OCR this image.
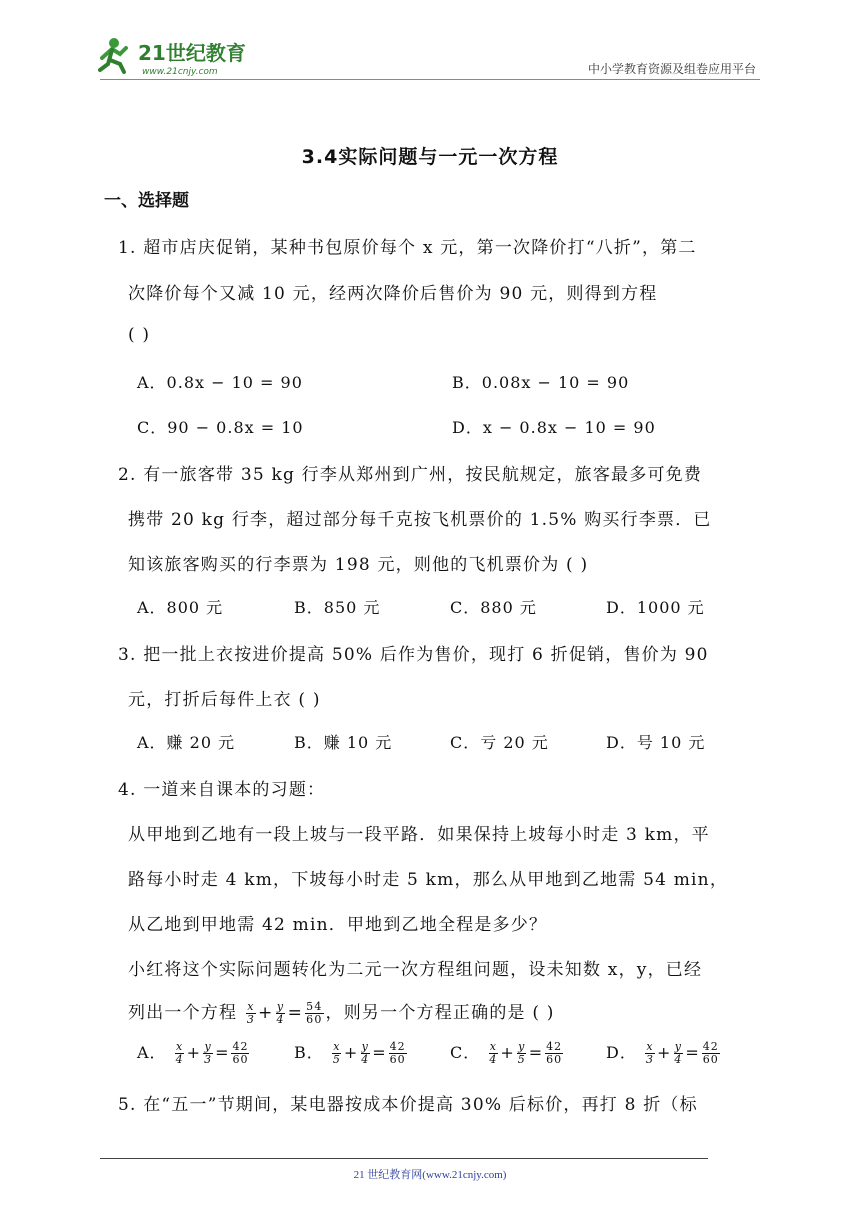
21世纪教育
www.21cnjy.com	中小学教育资源及组卷应用平台
3.4实际问题与一元一次方程
一、选择题
1. 超市店庆促销，某种书包原价每个 x 元，第一次降价打“八折”，第二
次降价每个又减 10 元，经两次降价后售价为 90 元，则得到方程
( )
A．0.8x − 10 = 90	B．0.08x − 10 = 90
C．90 − 0.8x = 10	D．x − 0.8x − 10 = 90
2. 有一旅客带 35 kg 行李从郑州到广州，按民航规定，旅客最多可免费
携带 20 kg 行李，超过部分每千克按飞机票价的 1.5% 购买行李票．已
知该旅客购买的行李票为 198 元，则他的飞机票价为 ( )
A．800 元	B．850 元	C．880 元	D．1000 元
3. 把一批上衣按进价提高 50% 后作为售价，现打 6 折促销，售价为 90
元，打折后每件上衣 ( )
A．赚 20 元	B．赚 10 元	C．亏 20 元	D．号 10 元
4. 一道来自课本的习题：
从甲地到乙地有一段上坡与一段平路．如果保持上坡每小时走 3 km，平
路每小时走 4 km，下坡每小时走 5 km，那么从甲地到乙地需 54 min，
从乙地到甲地需 42 min．甲地到乙地全程是多少？
小红将这个实际问题转化为二元一次方程组问题，设未知数 x，y，已经
列出一个方程 $\frac{x}{3} + \frac{y}{4} = \frac{54}{60}$ ，则另一个方程正确的是 ( )
A． $\frac{x}{4} + \frac{y}{3} = \frac{42}{60}$	B． $\frac{x}{5} + \frac{y}{4} = \frac{42}{60}$	C． $\frac{x}{4} + \frac{y}{5} = \frac{42}{60}$	D． $\frac{x}{3} + \frac{y}{4} = \frac{42}{60}$
5. 在“五一”节期间，某电器按成本价提高 30% 后标价，再打 8 折（标
21 世纪教育网(www.21cnjy.com)
